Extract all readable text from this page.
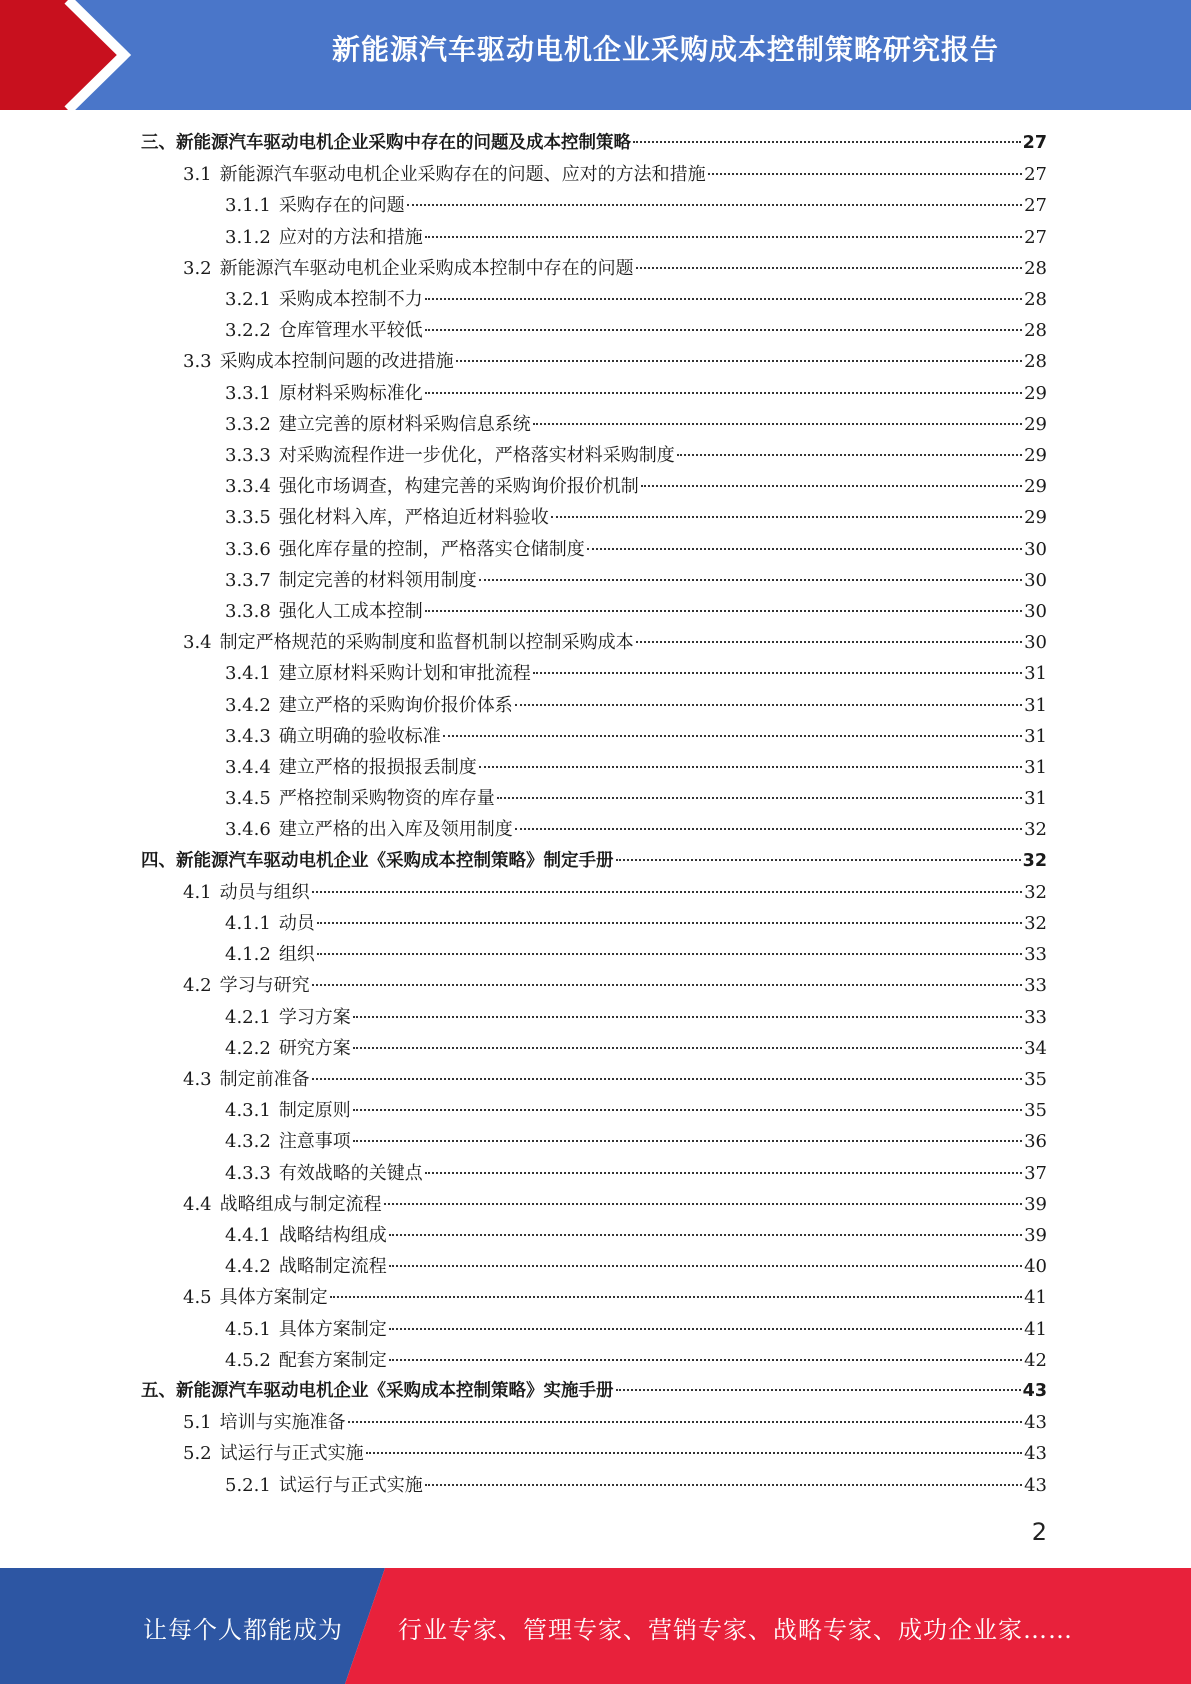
新能源汽车驱动电机企业采购成本控制策略研究报告
三、 新能源汽车驱动电机企业采购中存在的问题及成本控制策略	27
3.1 新能源汽车驱动电机企业采购存在的问题、应对的方法和措施	27
3.1.1 采购存在的问题	27
3.1.2 应对的方法和措施	27
3.2 新能源汽车驱动电机企业采购成本控制中存在的问题	28
3.2.1 采购成本控制不力	28
3.2.2 仓库管理水平较低	28
3.3 采购成本控制问题的改进措施	28
3.3.1 原材料采购标准化	29
3.3.2 建立完善的原材料采购信息系统	29
3.3.3 对采购流程作进一步优化，严格落实材料采购制度	29
3.3.4 强化市场调查，构建完善的采购询价报价机制	29
3.3.5 强化材料入库，严格迫近材料验收	29
3.3.6 强化库存量的控制，严格落实仓储制度	30
3.3.7 制定完善的材料领用制度	30
3.3.8 强化人工成本控制	30
3.4 制定严格规范的采购制度和监督机制以控制采购成本	30
3.4.1 建立原材料采购计划和审批流程	31
3.4.2 建立严格的采购询价报价体系	31
3.4.3 确立明确的验收标准	31
3.4.4 建立严格的报损报丢制度	31
3.4.5 严格控制采购物资的库存量	31
3.4.6 建立严格的出入库及领用制度	32
四、 新能源汽车驱动电机企业《采购成本控制策略》制定手册	32
4.1 动员与组织	32
4.1.1 动员	32
4.1.2 组织	33
4.2 学习与研究	33
4.2.1 学习方案	33
4.2.2 研究方案	34
4.3 制定前准备	35
4.3.1 制定原则	35
4.3.2 注意事项	36
4.3.3 有效战略的关键点	37
4.4 战略组成与制定流程	39
4.4.1 战略结构组成	39
4.4.2 战略制定流程	40
4.5 具体方案制定	41
4.5.1 具体方案制定	41
4.5.2 配套方案制定	42
五、 新能源汽车驱动电机企业《采购成本控制策略》实施手册	43
5.1 培训与实施准备	43
5.2 试运行与正式实施	43
5.2.1 试运行与正式实施	43
2
让每个人都能成为 行业专家、管理专家、营销专家、战略专家、成功企业家……
